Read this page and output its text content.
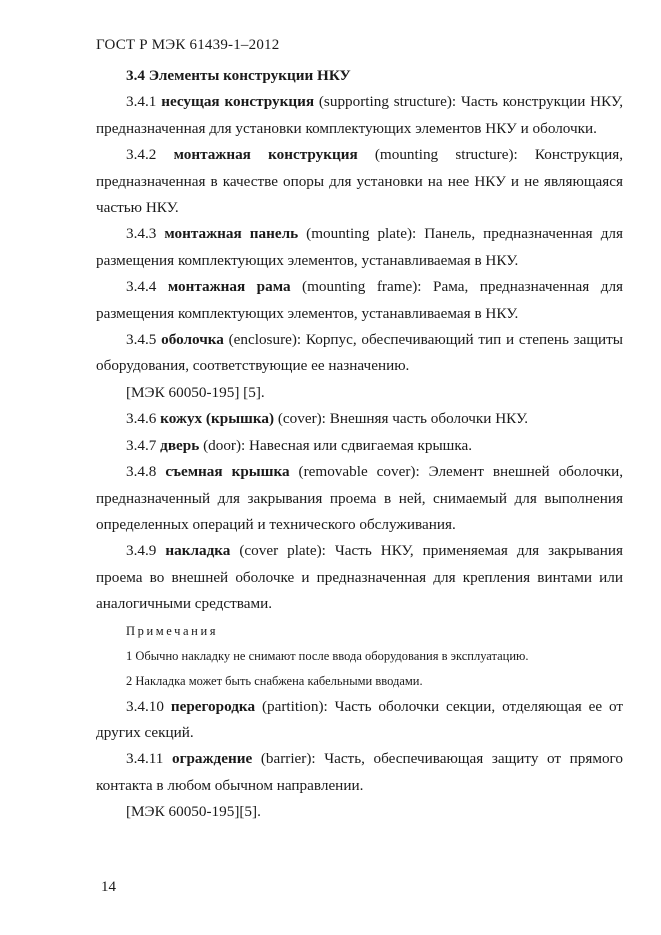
ГОСТ Р МЭК 61439-1–2012

3.4 Элементы конструкции НКУ

3.4.1 несущая конструкция (supporting structure): Часть конструкции НКУ, предназначенная для установки комплектующих элементов НКУ и оболочки.

3.4.2 монтажная конструкция (mounting structure): Конструкция, предназначенная в качестве опоры для установки на нее НКУ и не являющаяся частью НКУ.

3.4.3 монтажная панель (mounting plate): Панель, предназначенная для размещения комплектующих элементов, устанавливаемая в НКУ.

3.4.4 монтажная рама (mounting frame): Рама, предназначенная для размещения комплектующих элементов, устанавливаемая в НКУ.

3.4.5 оболочка (enclosure): Корпус, обеспечивающий тип и степень защиты оборудования, соответствующие ее назначению.

[МЭК 60050-195] [5].

3.4.6 кожух (крышка) (cover): Внешняя часть оболочки НКУ.

3.4.7 дверь (door): Навесная или сдвигаемая крышка.

3.4.8 съемная крышка (removable cover): Элемент внешней оболочки, предназначенный для закрывания проема в ней, снимаемый для выполнения определенных операций и технического обслуживания.

3.4.9 накладка (cover plate): Часть НКУ, применяемая для закрывания проема во внешней оболочке и предназначенная для крепления винтами или аналогичными средствами.

Примечания

1 Обычно накладку не снимают после ввода оборудования в эксплуатацию.

2 Накладка может быть снабжена кабельными вводами.

3.4.10 перегородка (partition): Часть оболочки секции, отделяющая ее от других секций.

3.4.11 ограждение (barrier): Часть, обеспечивающая защиту от прямого контакта в любом обычном направлении.

[МЭК 60050-195][5].

14
